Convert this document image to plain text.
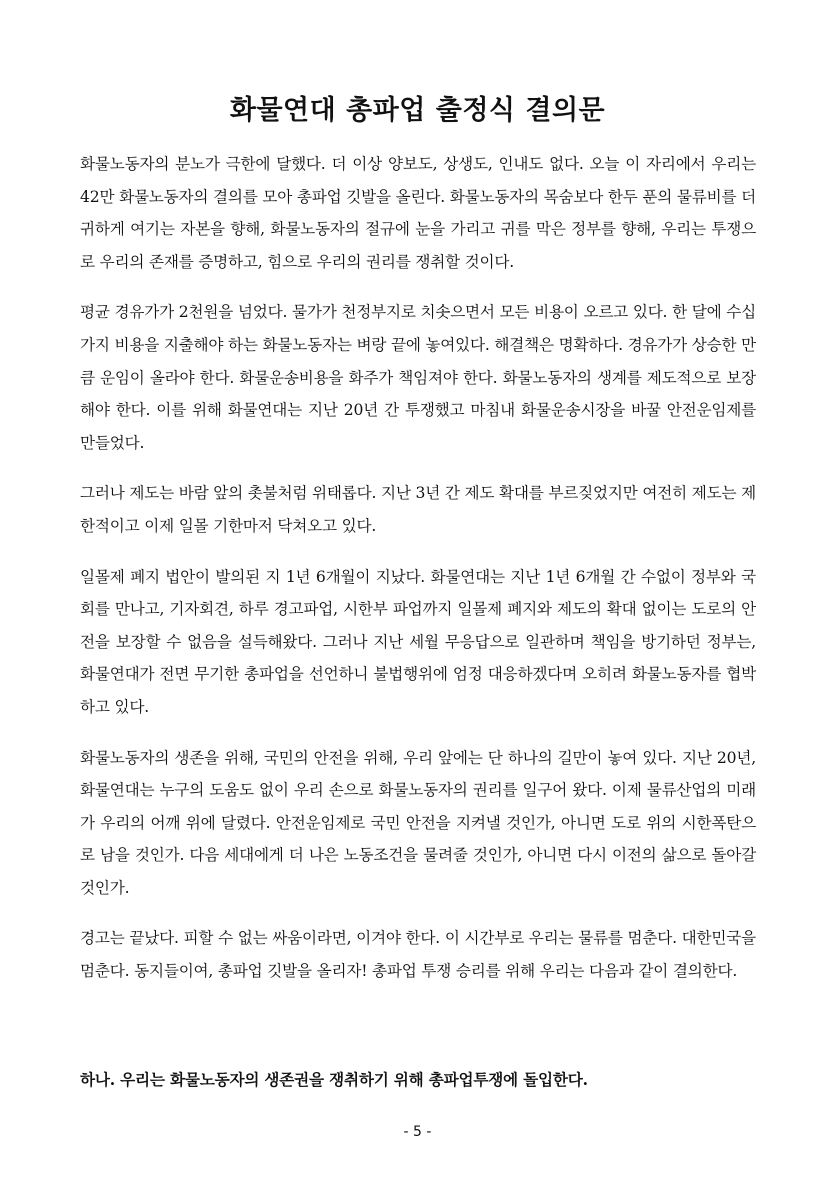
화물연대 총파업 출정식 결의문

화물노동자의 분노가 극한에 달했다. 더 이상 양보도, 상생도, 인내도 없다. 오늘 이 자리에서 우리는 42만 화물노동자의 결의를 모아 총파업 깃발을 올린다. 화물노동자의 목숨보다 한두 푼의 물류비를 더 귀하게 여기는 자본을 향해, 화물노동자의 절규에 눈을 가리고 귀를 막은 정부를 향해, 우리는 투쟁으로 우리의 존재를 증명하고, 힘으로 우리의 권리를 쟁취할 것이다.

평균 경유가가 2천원을 넘었다. 물가가 천정부지로 치솟으면서 모든 비용이 오르고 있다. 한 달에 수십 가지 비용을 지출해야 하는 화물노동자는 벼랑 끝에 놓여있다. 해결책은 명확하다. 경유가가 상승한 만큼 운임이 올라야 한다. 화물운송비용을 화주가 책임져야 한다. 화물노동자의 생계를 제도적으로 보장해야 한다. 이를 위해 화물연대는 지난 20년 간 투쟁했고 마침내 화물운송시장을 바꿀 안전운임제를 만들었다.

그러나 제도는 바람 앞의 촛불처럼 위태롭다. 지난 3년 간 제도 확대를 부르짖었지만 여전히 제도는 제한적이고 이제 일몰 기한마저 닥쳐오고 있다.

일몰제 폐지 법안이 발의된 지 1년 6개월이 지났다. 화물연대는 지난 1년 6개월 간 수없이 정부와 국회를 만나고, 기자회견, 하루 경고파업, 시한부 파업까지 일몰제 폐지와 제도의 확대 없이는 도로의 안전을 보장할 수 없음을 설득해왔다. 그러나 지난 세월 무응답으로 일관하며 책임을 방기하던 정부는, 화물연대가 전면 무기한 총파업을 선언하니 불법행위에 엄정 대응하겠다며 오히려 화물노동자를 협박하고 있다.

화물노동자의 생존을 위해, 국민의 안전을 위해, 우리 앞에는 단 하나의 길만이 놓여 있다. 지난 20년, 화물연대는 누구의 도움도 없이 우리 손으로 화물노동자의 권리를 일구어 왔다. 이제 물류산업의 미래가 우리의 어깨 위에 달렸다. 안전운임제로 국민 안전을 지켜낼 것인가, 아니면 도로 위의 시한폭탄으로 남을 것인가. 다음 세대에게 더 나은 노동조건을 물려줄 것인가, 아니면 다시 이전의 삶으로 돌아갈 것인가.

경고는 끝났다. 피할 수 없는 싸움이라면, 이겨야 한다. 이 시간부로 우리는 물류를 멈춘다. 대한민국을 멈춘다. 동지들이여, 총파업 깃발을 올리자! 총파업 투쟁 승리를 위해 우리는 다음과 같이 결의한다.

하나. 우리는 화물노동자의 생존권을 쟁취하기 위해 총파업투쟁에 돌입한다.

- 5 -
